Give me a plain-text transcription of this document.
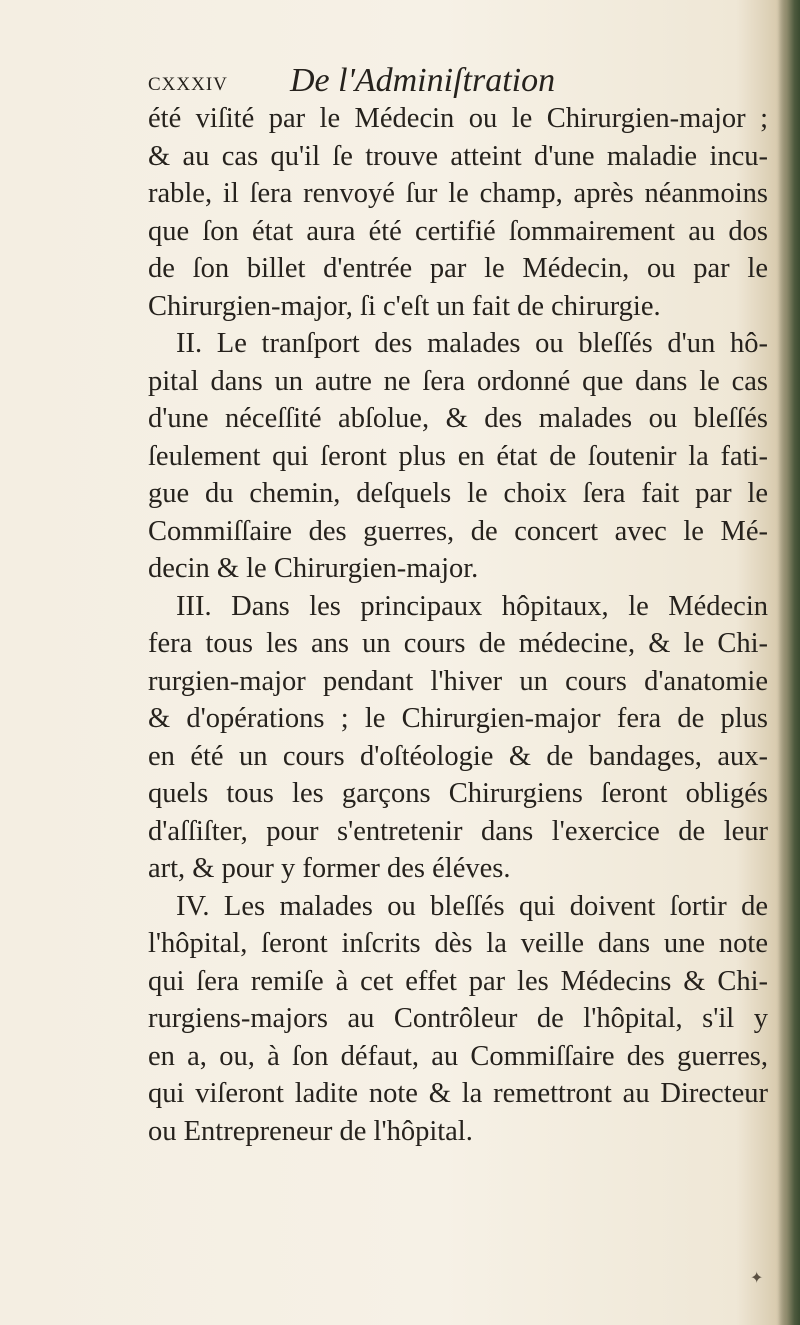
cxxxiv De l'Adminiſtration
été viſité par le Médecin ou le Chirurgien-major ;
& au cas qu'il ſe trouve atteint d'une maladie incu-
rable, il ſera renvoyé ſur le champ, après néanmoins
que ſon état aura été certifié ſommairement au dos
de ſon billet d'entrée par le Médecin, ou par le
Chirurgien-major, ſi c'eſt un fait de chirurgie.
II. Le tranſport des malades ou bleſſés d'un hô-
pital dans un autre ne ſera ordonné que dans le cas
d'une néceſſité abſolue, & des malades ou bleſſés
ſeulement qui ſeront plus en état de ſoutenir la fati-
gue du chemin, deſquels le choix ſera fait par le
Commiſſaire des guerres, de concert avec le Mé-
decin & le Chirurgien-major.
III. Dans les principaux hôpitaux, le Médecin
fera tous les ans un cours de médecine, & le Chi-
rurgien-major pendant l'hiver un cours d'anatomie
& d'opérations ; le Chirurgien-major fera de plus
en été un cours d'oſtéologie & de bandages, aux-
quels tous les garçons Chirurgiens ſeront obligés
d'aſſiſter, pour s'entretenir dans l'exercice de leur
art, & pour y former des éléves.
IV. Les malades ou bleſſés qui doivent ſortir de
l'hôpital, ſeront inſcrits dès la veille dans une note
qui ſera remiſe à cet effet par les Médecins & Chi-
rurgiens-majors au Contrôleur de l'hôpital, s'il y
en a, ou, à ſon défaut, au Commiſſaire des guerres,
qui viſeront ladite note & la remettront au Directeur
ou Entrepreneur de l'hôpital.
✦
